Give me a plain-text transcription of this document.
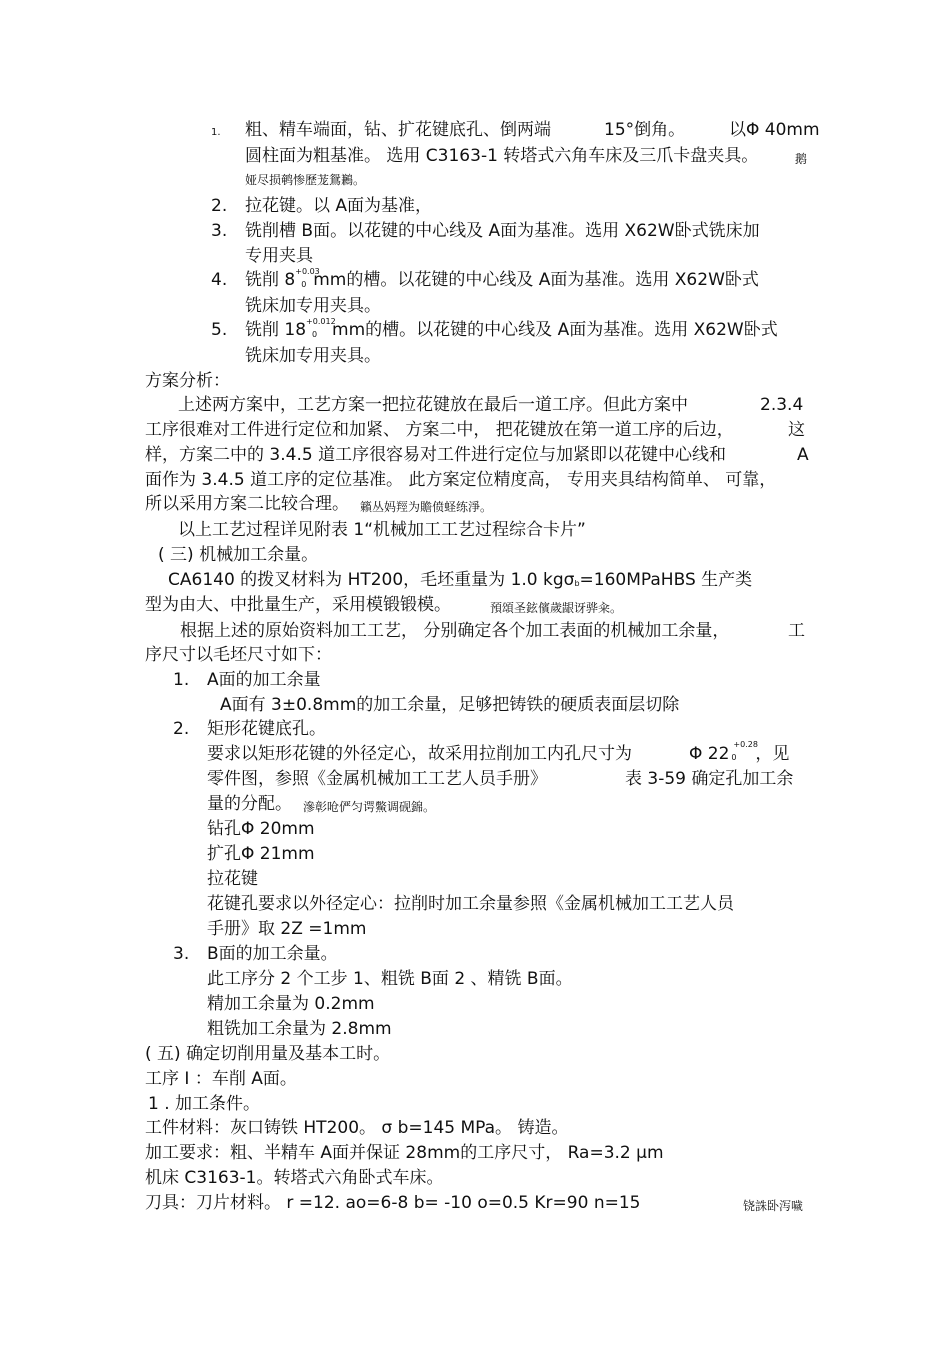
1. 粗、精车端面，钻、扩花键底孔、倒两端	15°倒角。	以Φ 40mm
圆柱面为粗基准。 选用 C3163-1 转塔式六角车床及三爪卡盘夹具。	鹅
娅尽损鹌惨歷茏鴛鶼。
2. 拉花键。以 A面为基准，
3. 铣削槽 B面。以花键的中心线及 A面为基准。选用 X62W卧式铣床加
专用夹具
4. 铣削 8 +0.03
0 mm的槽。以花键的中心线及 A面为基准。选用 X62W卧式
铣床加专用夹具。
5. 铣削 18 +0.012
0 mm的槽。以花键的中心线及 A面为基准。选用 X62W卧式
铣床加专用夹具。
方案分析：
上述两方案中，工艺方案一把拉花键放在最后一道工序。但此方案中	2.3.4
工序很难对工件进行定位和加紧、 方案二中， 把花键放在第一道工序的后边，	这
样，方案二中的 3.4.5 道工序很容易对工件进行定位与加紧即以花键中心线和	A
面作为 3.4.5 道工序的定位基准。 此方案定位精度高， 专用夹具结构简单、 可靠，
所以采用方案二比较合理。 籟丛妈羥为贍偾蛏练淨。
以上工艺过程详见附表 1“机械加工工艺过程综合卡片”
( 三) 机械加工余量。
CA6140 的拨叉材料为 HT200，毛坯重量为 1.0 kgσ$_b$=160MPaHBS 生产类
型为由大、中批量生产，采用模锻锻模。	預頌圣鉉儐歲龈讶骅籴。
根据上述的原始资料加工工艺， 分别确定各个加工表面的机械加工余量，	工
序尺寸以毛坯尺寸如下：
1. A面的加工余量
A面有 3±0.8mm的加工余量，足够把铸铁的硬质表面层切除
2. 矩形花键底孔。
要求以矩形花键的外径定心，故采用拉削加工内孔尺寸为	Φ 22 +0.28
0 ，见
零件图，参照《金属机械加工工艺人员手册》	表 3-59 确定孔加工余
量的分配。 滲彰呛俨匀谔鱉调砚錦。
钻孔Φ 20mm
扩孔Φ 21mm
拉花键
花键孔要求以外径定心：拉削时加工余量参照《金属机械加工工艺人员
手册》取 2Z =1mm
3. B面的加工余量。
此工序分 2 个工步 1、粗铣 B面 2 、精铣 B面。
精加工余量为 0.2mm
粗铣加工余量为 2.8mm
( 五) 确定切削用量及基本工时。
工序 Ⅰ ：车削 A面。
1 . 加工条件。
工件材料：灰口铸铁 HT200。 σ b=145 MPa。 铸造。
加工要求：粗、半精车 A面并保证 28mm的工序尺寸， Ra=3.2 μm
机床 C3163-1。转塔式六角卧式车床。
刀具：刀片材料。 r =12. ao=6-8 b= -10 o=0.5 Kr=90 n=15	铙誅卧泻噦
